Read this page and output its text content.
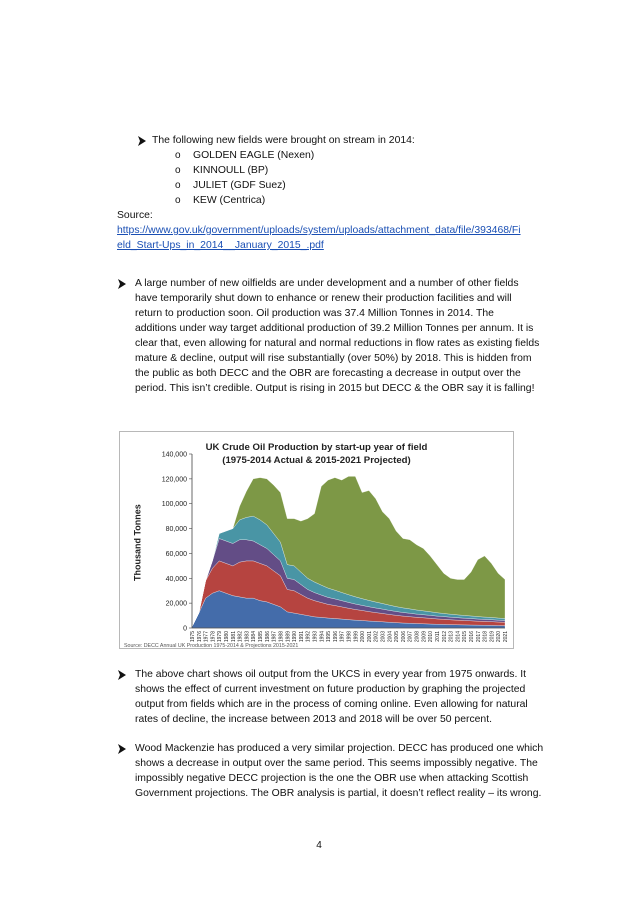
The following new fields were brought on stream in 2014:
o GOLDEN EAGLE (Nexen)
o KINNOULL (BP)
o JULIET (GDF Suez)
o KEW (Centrica)
Source:
https://www.gov.uk/government/uploads/system/uploads/attachment_data/file/393468/Fi
eld_Start-Ups_in_2014__January_2015_.pdf
A large number of new oilfields are under development and a number of other fields
have temporarily shut down to enhance or renew their production facilities and will
return to production soon. Oil production was 37.4 Million Tonnes in 2014. The
additions under way target additional production of 39.2 Million Tonnes per annum. It is
clear that, even allowing for natural and normal reductions in flow rates as existing fields
mature & decline, output will rise substantially (over 50%) by 2018. This is hidden from
the public as both DECC and the OBR are forecasting a decrease in output over the
period. This isn’t credible. Output is rising in 2015 but DECC & the OBR say it is falling!
UK Crude Oil Production by start-up year of field
(1975-2014 Actual & 2015-2021 Projected)
Thousand Tonnes
0
20,000
40,000
60,000
80,000
100,000
120,000
140,000
1975 1976 1977 1978 1979 1980 1981 1982 1983 1984 1985 1986 1987 1988 1989 1990 1991 1992 1993 1994 1995 1996 1997 1998 1999 2000 2001 2002 2003 2004 2005 2006 2007 2008 2009 2010 2011 2012 2013 2014 2015 2016 2017 2018 2019 2020 2021
Source: DECC Annual UK Production 1975-2014 & Projections 2015-2021
The above chart shows oil output from the UKCS in every year from 1975 onwards. It
shows the effect of current investment on future production by graphing the projected
output from fields which are in the process of coming online. Even allowing for natural
rates of decline, the increase between 2013 and 2018 will be over 50 percent.
Wood Mackenzie has produced a very similar projection. DECC has produced one which
shows a decrease in output over the same period. This seems impossibly negative. The
impossibly negative DECC projection is the one the OBR use when attacking Scottish
Government projections. The OBR analysis is partial, it doesn’t reflect reality – its wrong.
4
